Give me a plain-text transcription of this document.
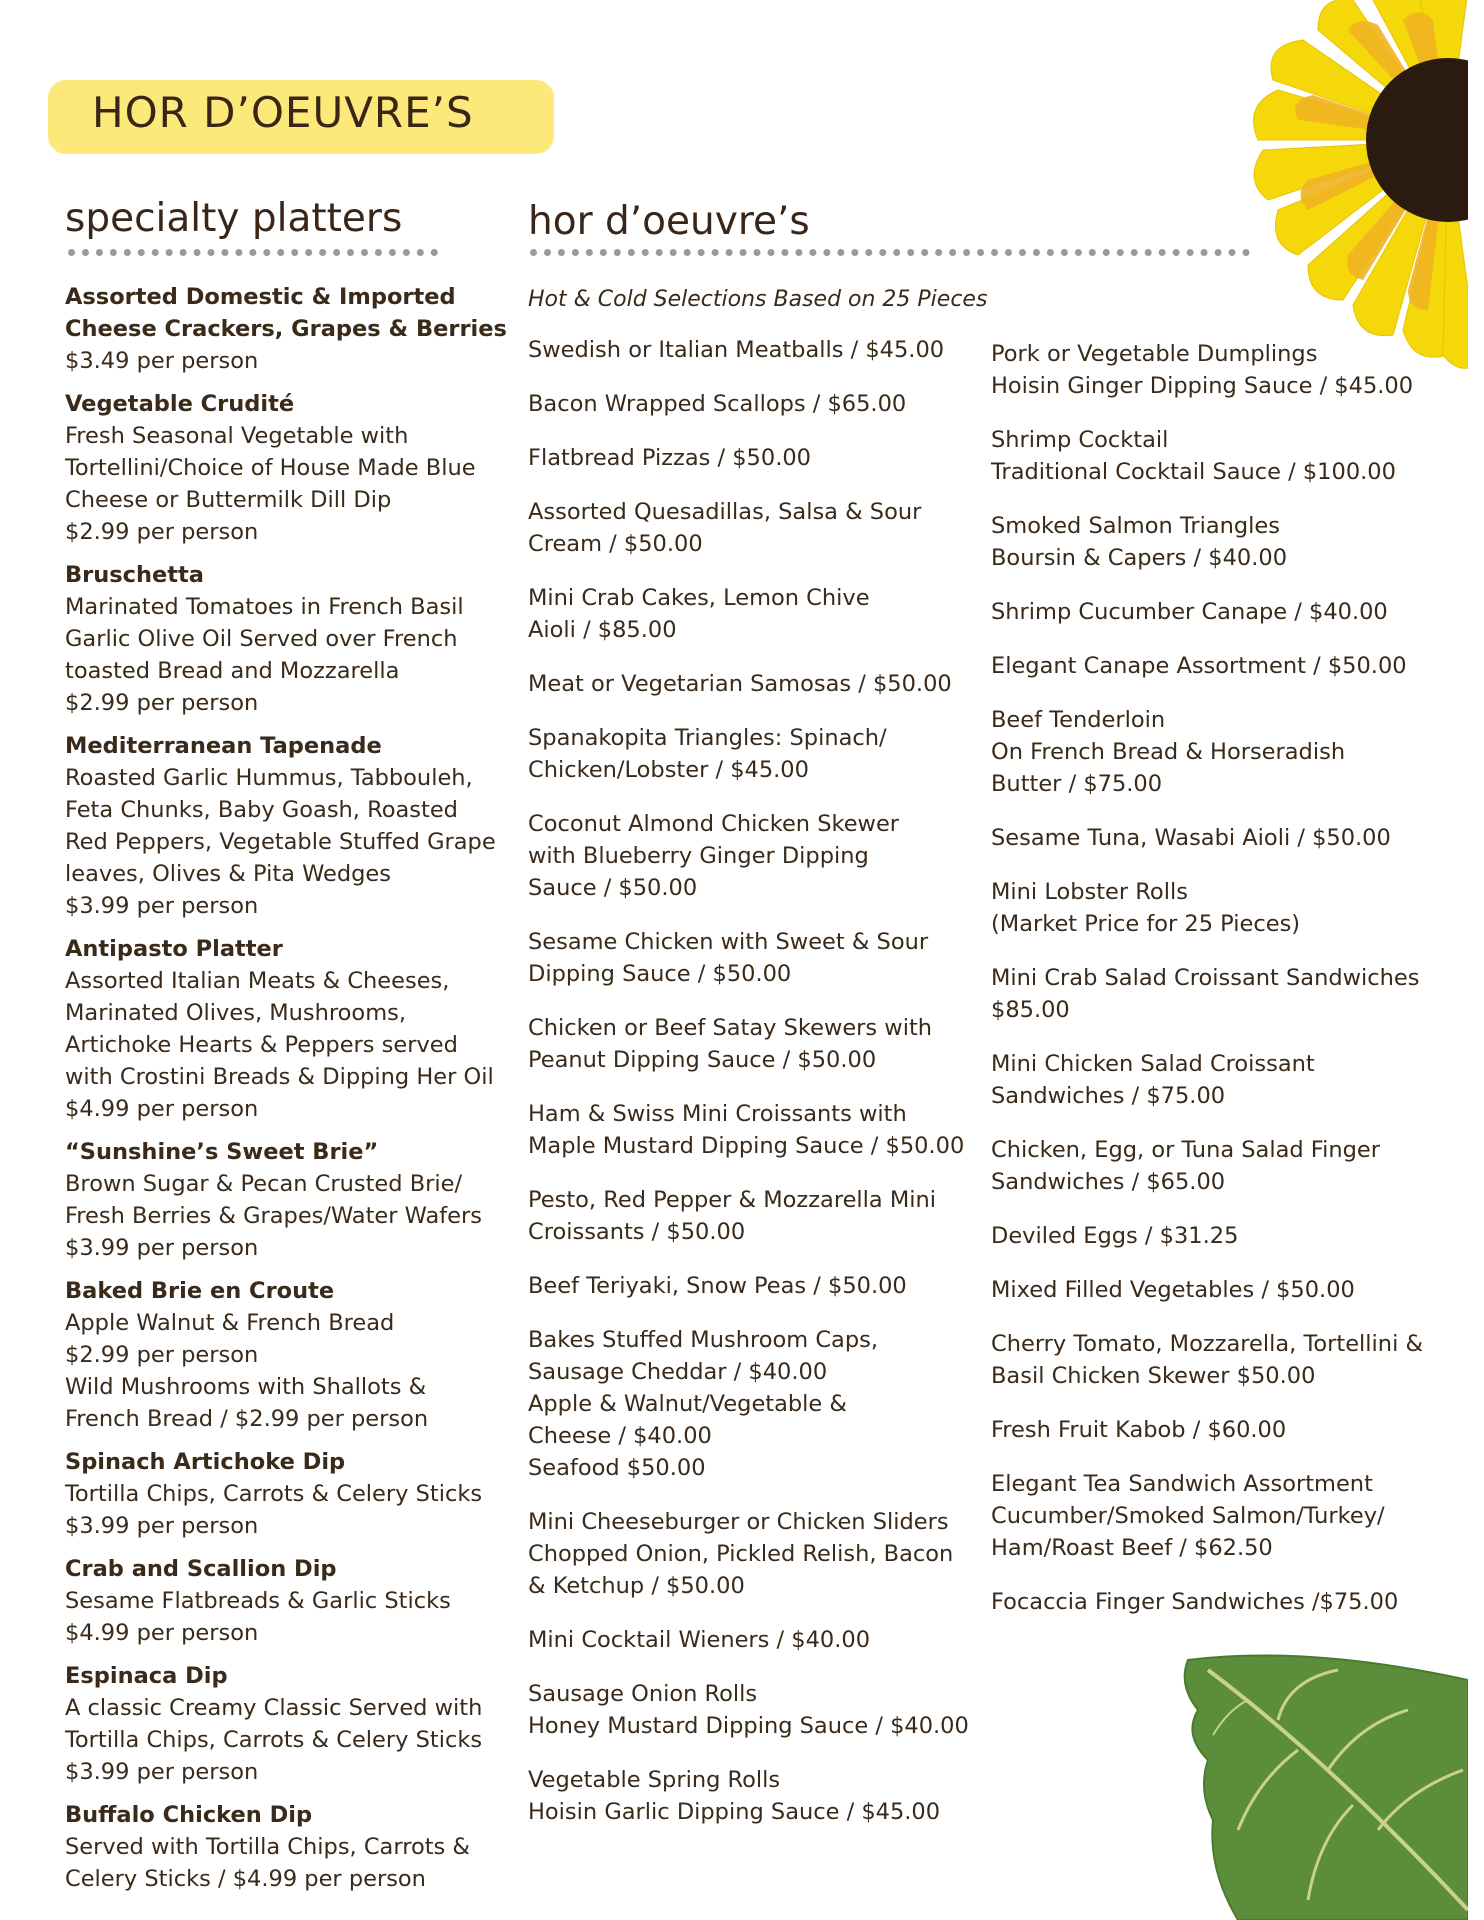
HOR D’OEUVRE’S
specialty platters	hor d’oeuvre’s
Assorted Domestic & Imported
Cheese Crackers, Grapes & Berries
$3.49 per person
Vegetable Crudité
Fresh Seasonal Vegetable with
Tortellini/Choice of House Made Blue
Cheese or Buttermilk Dill Dip
$2.99 per person
Bruschetta
Marinated Tomatoes in French Basil
Garlic Olive Oil Served over French
toasted Bread and Mozzarella
$2.99 per person
Mediterranean Tapenade
Roasted Garlic Hummus, Tabbouleh,
Feta Chunks, Baby Goash, Roasted
Red Peppers, Vegetable Stuffed Grape
leaves, Olives & Pita Wedges
$3.99 per person
Antipasto Platter
Assorted Italian Meats & Cheeses,
Marinated Olives, Mushrooms,
Artichoke Hearts & Peppers served
with Crostini Breads & Dipping Her Oil
$4.99 per person
“Sunshine’s Sweet Brie”
Brown Sugar & Pecan Crusted Brie/
Fresh Berries & Grapes/Water Wafers
$3.99 per person
Baked Brie en Croute
Apple Walnut & French Bread
$2.99 per person
Wild Mushrooms with Shallots &
French Bread / $2.99 per person
Spinach Artichoke Dip
Tortilla Chips, Carrots & Celery Sticks
$3.99 per person
Crab and Scallion Dip
Sesame Flatbreads & Garlic Sticks
$4.99 per person
Espinaca Dip
A classic Creamy Classic Served with
Tortilla Chips, Carrots & Celery Sticks
$3.99 per person
Buffalo Chicken Dip
Served with Tortilla Chips, Carrots &
Celery Sticks / $4.99 per person
Hot & Cold Selections Based on 25 Pieces
Swedish or Italian Meatballs / $45.00
Bacon Wrapped Scallops / $65.00
Flatbread Pizzas / $50.00
Assorted Quesadillas, Salsa & Sour
Cream / $50.00
Mini Crab Cakes, Lemon Chive
Aioli / $85.00
Meat or Vegetarian Samosas / $50.00
Spanakopita Triangles: Spinach/
Chicken/Lobster / $45.00
Coconut Almond Chicken Skewer
with Blueberry Ginger Dipping
Sauce / $50.00
Sesame Chicken with Sweet & Sour
Dipping Sauce / $50.00
Chicken or Beef Satay Skewers with
Peanut Dipping Sauce / $50.00
Ham & Swiss Mini Croissants with
Maple Mustard Dipping Sauce / $50.00
Pesto, Red Pepper & Mozzarella Mini
Croissants / $50.00
Beef Teriyaki, Snow Peas / $50.00
Bakes Stuffed Mushroom Caps,
Sausage Cheddar / $40.00
Apple & Walnut/Vegetable &
Cheese / $40.00
Seafood $50.00
Mini Cheeseburger or Chicken Sliders
Chopped Onion, Pickled Relish, Bacon
& Ketchup / $50.00
Mini Cocktail Wieners / $40.00
Sausage Onion Rolls
Honey Mustard Dipping Sauce / $40.00
Vegetable Spring Rolls
Hoisin Garlic Dipping Sauce / $45.00
Pork or Vegetable Dumplings
Hoisin Ginger Dipping Sauce / $45.00
Shrimp Cocktail
Traditional Cocktail Sauce / $100.00
Smoked Salmon Triangles
Boursin & Capers / $40.00
Shrimp Cucumber Canape / $40.00
Elegant Canape Assortment / $50.00
Beef Tenderloin
On French Bread & Horseradish
Butter / $75.00
Sesame Tuna, Wasabi Aioli / $50.00
Mini Lobster Rolls
(Market Price for 25 Pieces)
Mini Crab Salad Croissant Sandwiches
$85.00
Mini Chicken Salad Croissant
Sandwiches / $75.00
Chicken, Egg, or Tuna Salad Finger
Sandwiches / $65.00
Deviled Eggs / $31.25
Mixed Filled Vegetables / $50.00
Cherry Tomato, Mozzarella, Tortellini &
Basil Chicken Skewer $50.00
Fresh Fruit Kabob / $60.00
Elegant Tea Sandwich Assortment
Cucumber/Smoked Salmon/Turkey/
Ham/Roast Beef / $62.50
Focaccia Finger Sandwiches /$75.00
